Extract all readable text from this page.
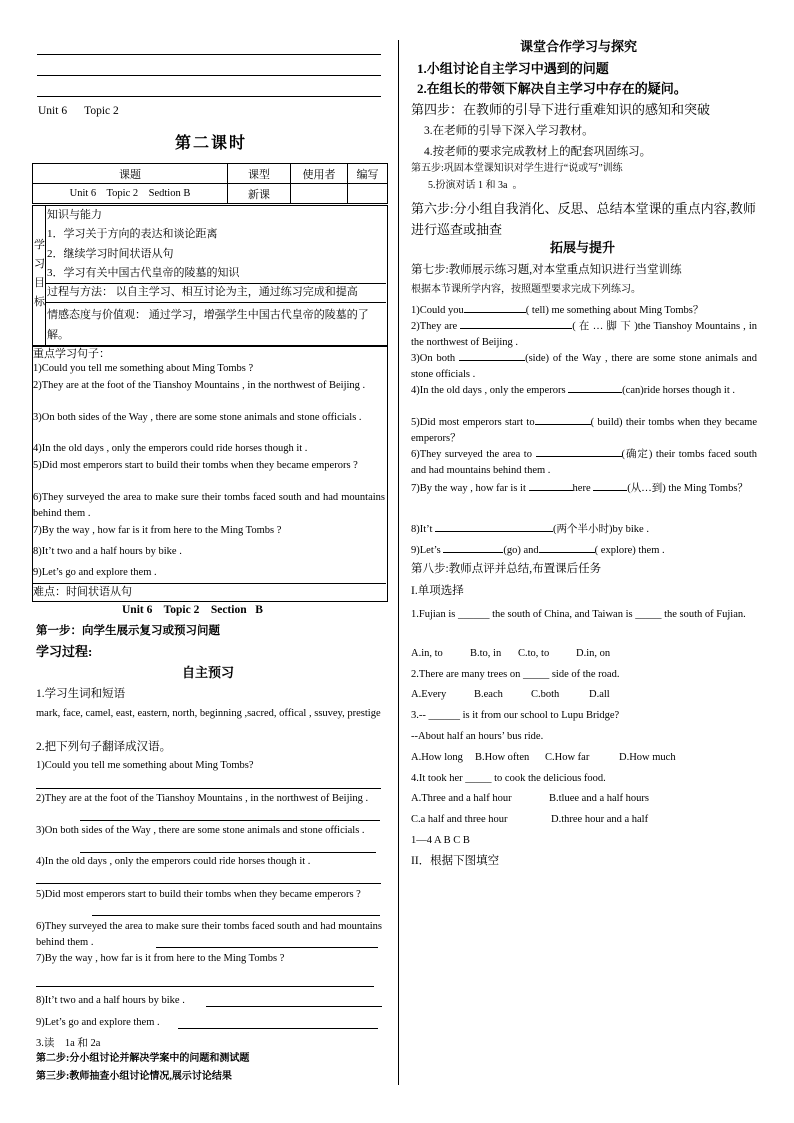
Unit 6      Topic 2
第二课时
课题	课型	使用者	编写
Unit 6    Topic 2    Sedtion B	新课		
学
习
目
标
知识与能力
1．学习关于方向的表达和谈论距离
2．继续学习时间状语从句
3．学习有关中国古代皇帝的陵墓的知识
过程与方法： 以自主学习、相互讨论为主，通过练习完成和提高
情感态度与价值观： 通过学习，增强学生中国古代皇帝的陵墓的了解。
重点学习句子：
1)Could you tell me something about Ming Tombs ?
2)They are at the foot of the Tianshoy Mountains , in the northwest of Beijing .
3)On both sides of the Way , there are some stone animals and stone officials .
4)In the old days , only the emperors could ride horses though it .
5)Did most emperors start to build their tombs when they became emperors ?
6)They surveyed the area to make sure their tombs faced south and had mountains behind them .
7)By the way , how far is it from here to the Ming Tombs ?
8)It’t two and a half hours by bike .
9)Let’s go and explore them .
难点：时间状语从句
Unit 6    Topic 2    Section   B
第一步：向学生展示复习或预习问题
学习过程:
自主预习
1.学习生词和短语
mark, face, camel, east, eastern, north, beginning ,sacred, offical , ssuvey, prestige
2.把下列句子翻译成汉语。
1)Could you tell me something about Ming Tombs?
2)They are at the foot of the Tianshoy Mountains , in the northwest of Beijing .
3)On both sides of the Way , there are some stone animals and stone officials .
4)In the old days , only the emperors could ride horses though it .
5)Did most emperors start to build their tombs when they became emperors ?
6)They surveyed the area to make sure their tombs faced south and had mountains behind them .
7)By the way , how far is it from here to the Ming Tombs ?
8)It’t two and a half hours by bike .
9)Let’s go and explore them .
3.读    1a 和 2a
第二步:分小组讨论并解决学案中的问题和测试题
第三步:教师抽查小组讨论情况,展示讨论结果
课堂合作学习与探究
1.小组讨论自主学习中遇到的问题
2.在组长的带领下解决自主学习中存在的疑问。
第四步：在教师的引导下进行重难知识的感知和突破
3.在老师的引导下深入学习教材。
4.按老师的要求完成教材上的配套巩固练习。
第五步:巩固本堂课知识对学生进行“说或写”训练
5.扮演对话 1 和 3a  。
第六步:分小组自我消化、反思、总结本堂课的重点内容,教师进行巡查或抽查
拓展与提升
第七步:教师展示练习题,对本堂重点知识进行当堂训练
根据本节课所学内容，按照题型要求完成下列练习。
1)Could you	( tell) me something about Ming Tombs？
2)They are	( 在 … 脚 下 )the Tianshoy Mountains , in the northwest of Beijing .
3)On both	(side) of the Way , there are some stone animals and stone officials .
4)In the old days , only the emperors	(can)ride horses though it .
5)Did most emperors start to	( build) their tombs when they became emperors？
6)They surveyed the area to	(确定) their tombs faced south and had mountains behind them .
7)By the way , how far is it	here	(从…到) the Ming Tombs？
8)It’t	(两个半小时)by bike .
9)Let’s	(go) and	( explore) them .
第八步:教师点评并总结,布置课后任务
I.单项选择
1.Fujian is ______ the south of China, and Taiwan is _____ the south of Fujian.
A.in, to	B.to, in C.to, to	D.in, on
2.There are many trees on _____ side of the road.
A.Every	B.each	C.both	D.all
3.-- ______ is it from our school to Lupu Bridge?
--About half an hours’ bus ride.
A.How long B.How often C.How far	D.How much
4.It took her _____ to cook the delicious food.
A.Three and a half hour	B.tluee and a half hours
C.a half and three hour	D.three hour and a half
1—4 A B C B
II．根据下图填空
